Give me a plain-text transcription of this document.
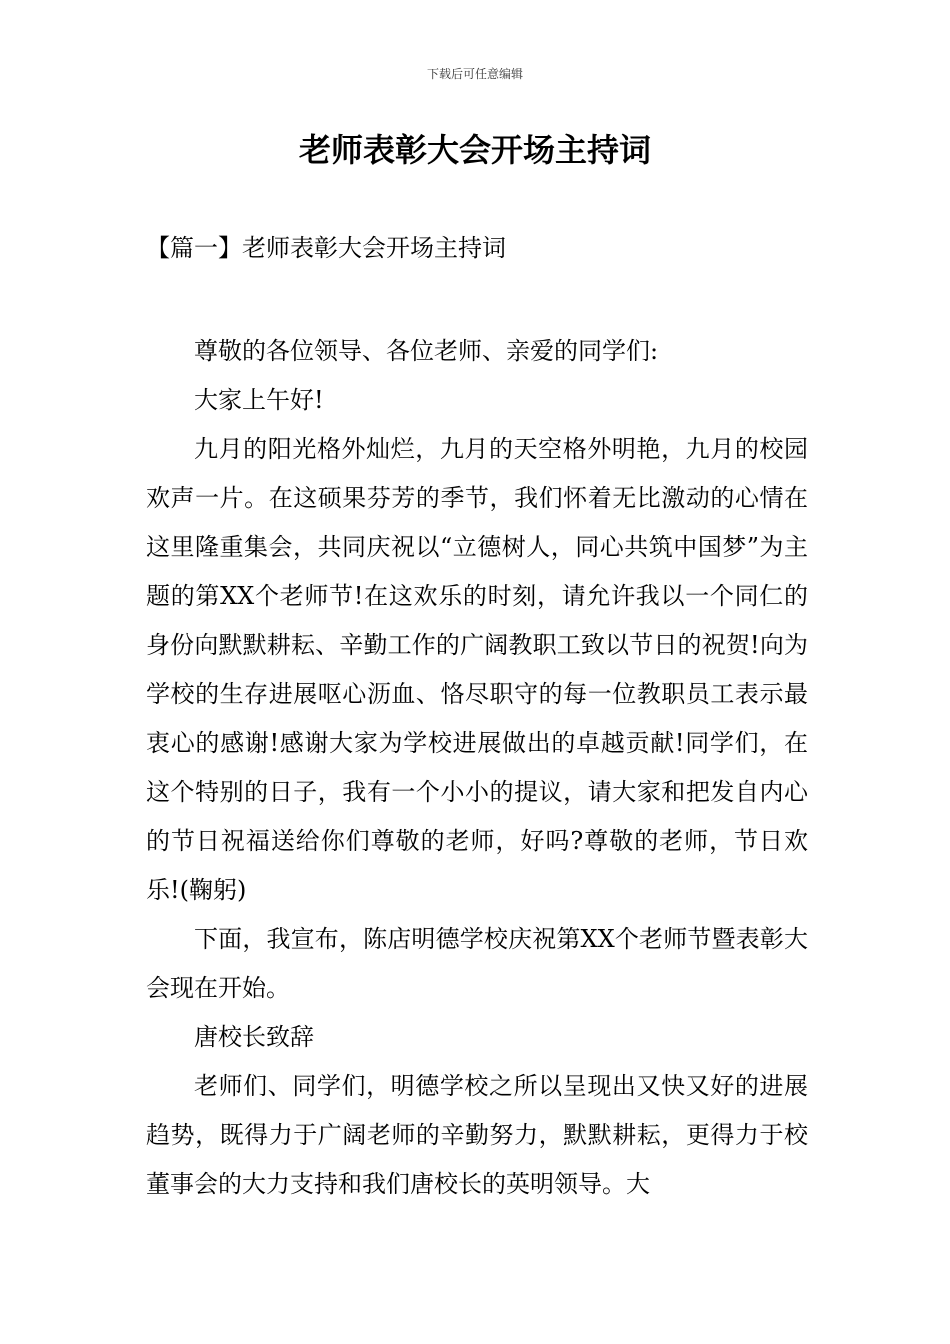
下载后可任意编辑
老师表彰大会开场主持词
【篇一】老师表彰大会开场主持词

尊敬的各位领导、各位老师、亲爱的同学们:

大家上午好!

九月的阳光格外灿烂，九月的天空格外明艳，九月的校园欢声一片。在这硕果芬芳的季节，我们怀着无比激动的心情在这里隆重集会，共同庆祝以“立德树人，同心共筑中国梦”为主题的第XX个老师节!在这欢乐的时刻，请允许我以一个同仁的身份向默默耕耘、辛勤工作的广阔教职工致以节日的祝贺!向为学校的生存进展呕心沥血、恪尽职守的每一位教职员工表示最衷心的感谢!感谢大家为学校进展做出的卓越贡献!同学们，在这个特别的日子，我有一个小小的提议，请大家和把发自内心的节日祝福送给你们尊敬的老师，好吗?尊敬的老师，节日欢乐!(鞠躬)

下面，我宣布，陈店明德学校庆祝第XX个老师节暨表彰大会现在开始。

唐校长致辞

老师们、同学们，明德学校之所以呈现出又快又好的进展趋势，既得力于广阔老师的辛勤努力，默默耕耘，更得力于校董事会的大力支持和我们唐校长的英明领导。大
